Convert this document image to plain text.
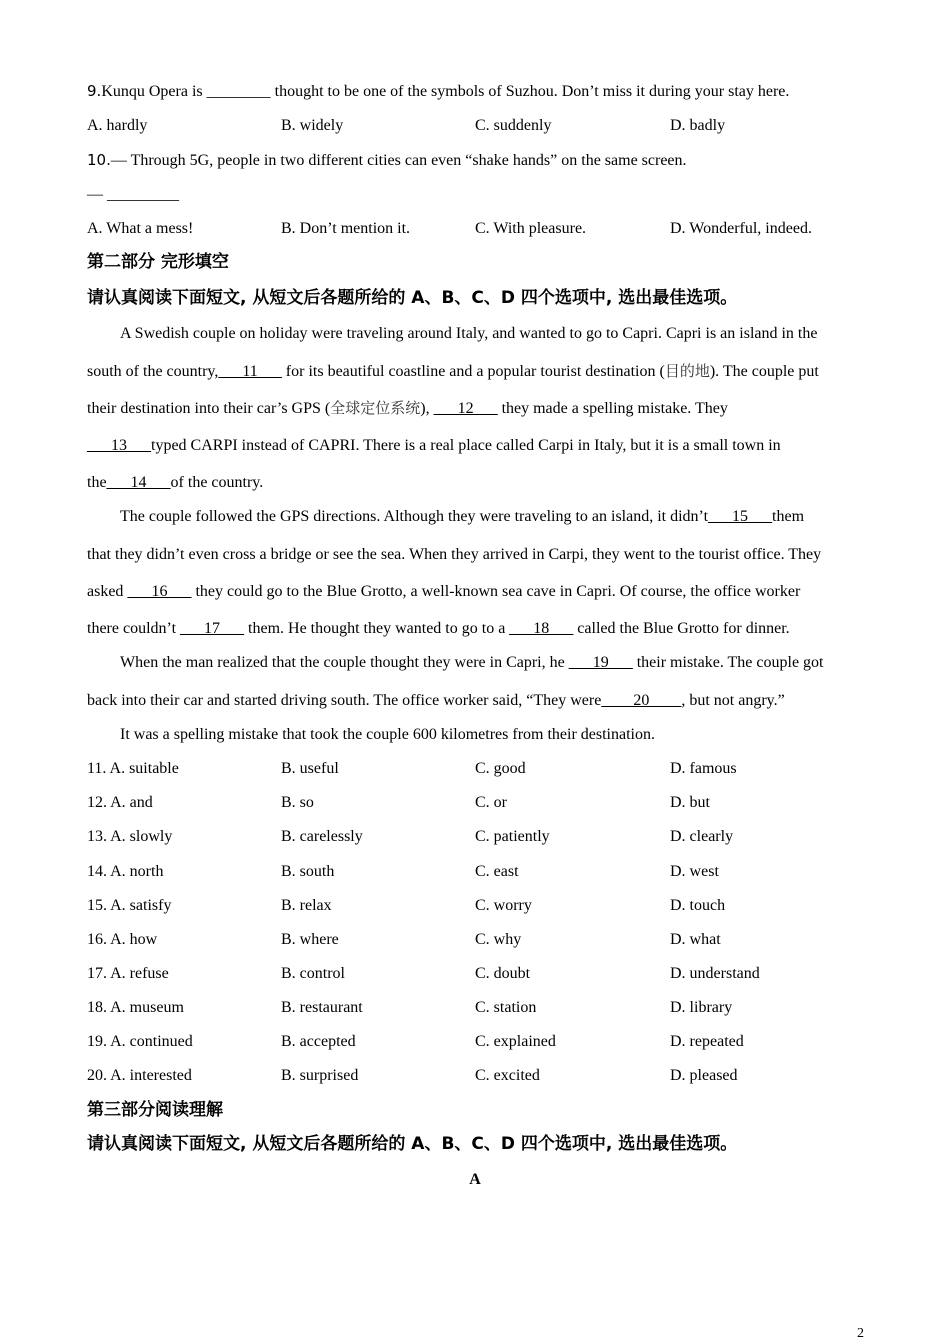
9.Kunqu Opera is ________ thought to be one of the symbols of Suzhou. Don’t miss it during your stay here.
A. hardly	B. widely	C. suddenly	D. badly
10.— Through 5G, people in two different cities can even “shake hands” on the same screen.
— _________
A. What a mess!	B. Don’t mention it.	C. With pleasure.	D. Wonderful, indeed.
第二部分 完形填空
请认真阅读下面短文, 从短文后各题所给的 A、B、C、D 四个选项中, 选出最佳选项。
A Swedish couple on holiday were traveling around Italy, and wanted to go to Capri. Capri is an island in the
south of the country,___11___ for its beautiful coastline and a popular tourist destination (目的地). The couple put
their destination into their car’s GPS (全球定位系统), ___12___ they made a spelling mistake. They
___13___typed CARPI instead of CAPRI. There is a real place called Carpi in Italy, but it is a small town in
the___14___of the country.
The couple followed the GPS directions. Although they were traveling to an island, it didn’t___15___them
that they didn’t even cross a bridge or see the sea. When they arrived in Carpi, they went to the tourist office. They
asked ___16___ they could go to the Blue Grotto, a well-known sea cave in Capri. Of course, the office worker
there couldn’t ___17___ them. He thought they wanted to go to a ___18___ called the Blue Grotto for dinner.
When the man realized that the couple thought they were in Capri, he ___19___ their mistake. The couple got
back into their car and started driving south. The office worker said, “They were____20____, but not angry.”
It was a spelling mistake that took the couple 600 kilometres from their destination.
11. A. suitable	B. useful	C. good	D. famous
12. A. and	B. so	C. or	D. but
13. A. slowly	B. carelessly	C. patiently	D. clearly
14. A. north	B. south	C. east	D. west
15. A. satisfy	B. relax	C. worry	D. touch
16. A. how	B. where	C. why	D. what
17. A. refuse	B. control	C. doubt	D. understand
18. A. museum	B. restaurant	C. station	D. library
19. A. continued	B. accepted	C. explained	D. repeated
20. A. interested	B. surprised	C. excited	D. pleased
第三部分阅读理解
请认真阅读下面短文, 从短文后各题所给的 A、B、C、D 四个选项中, 选出最佳选项。
A
2
